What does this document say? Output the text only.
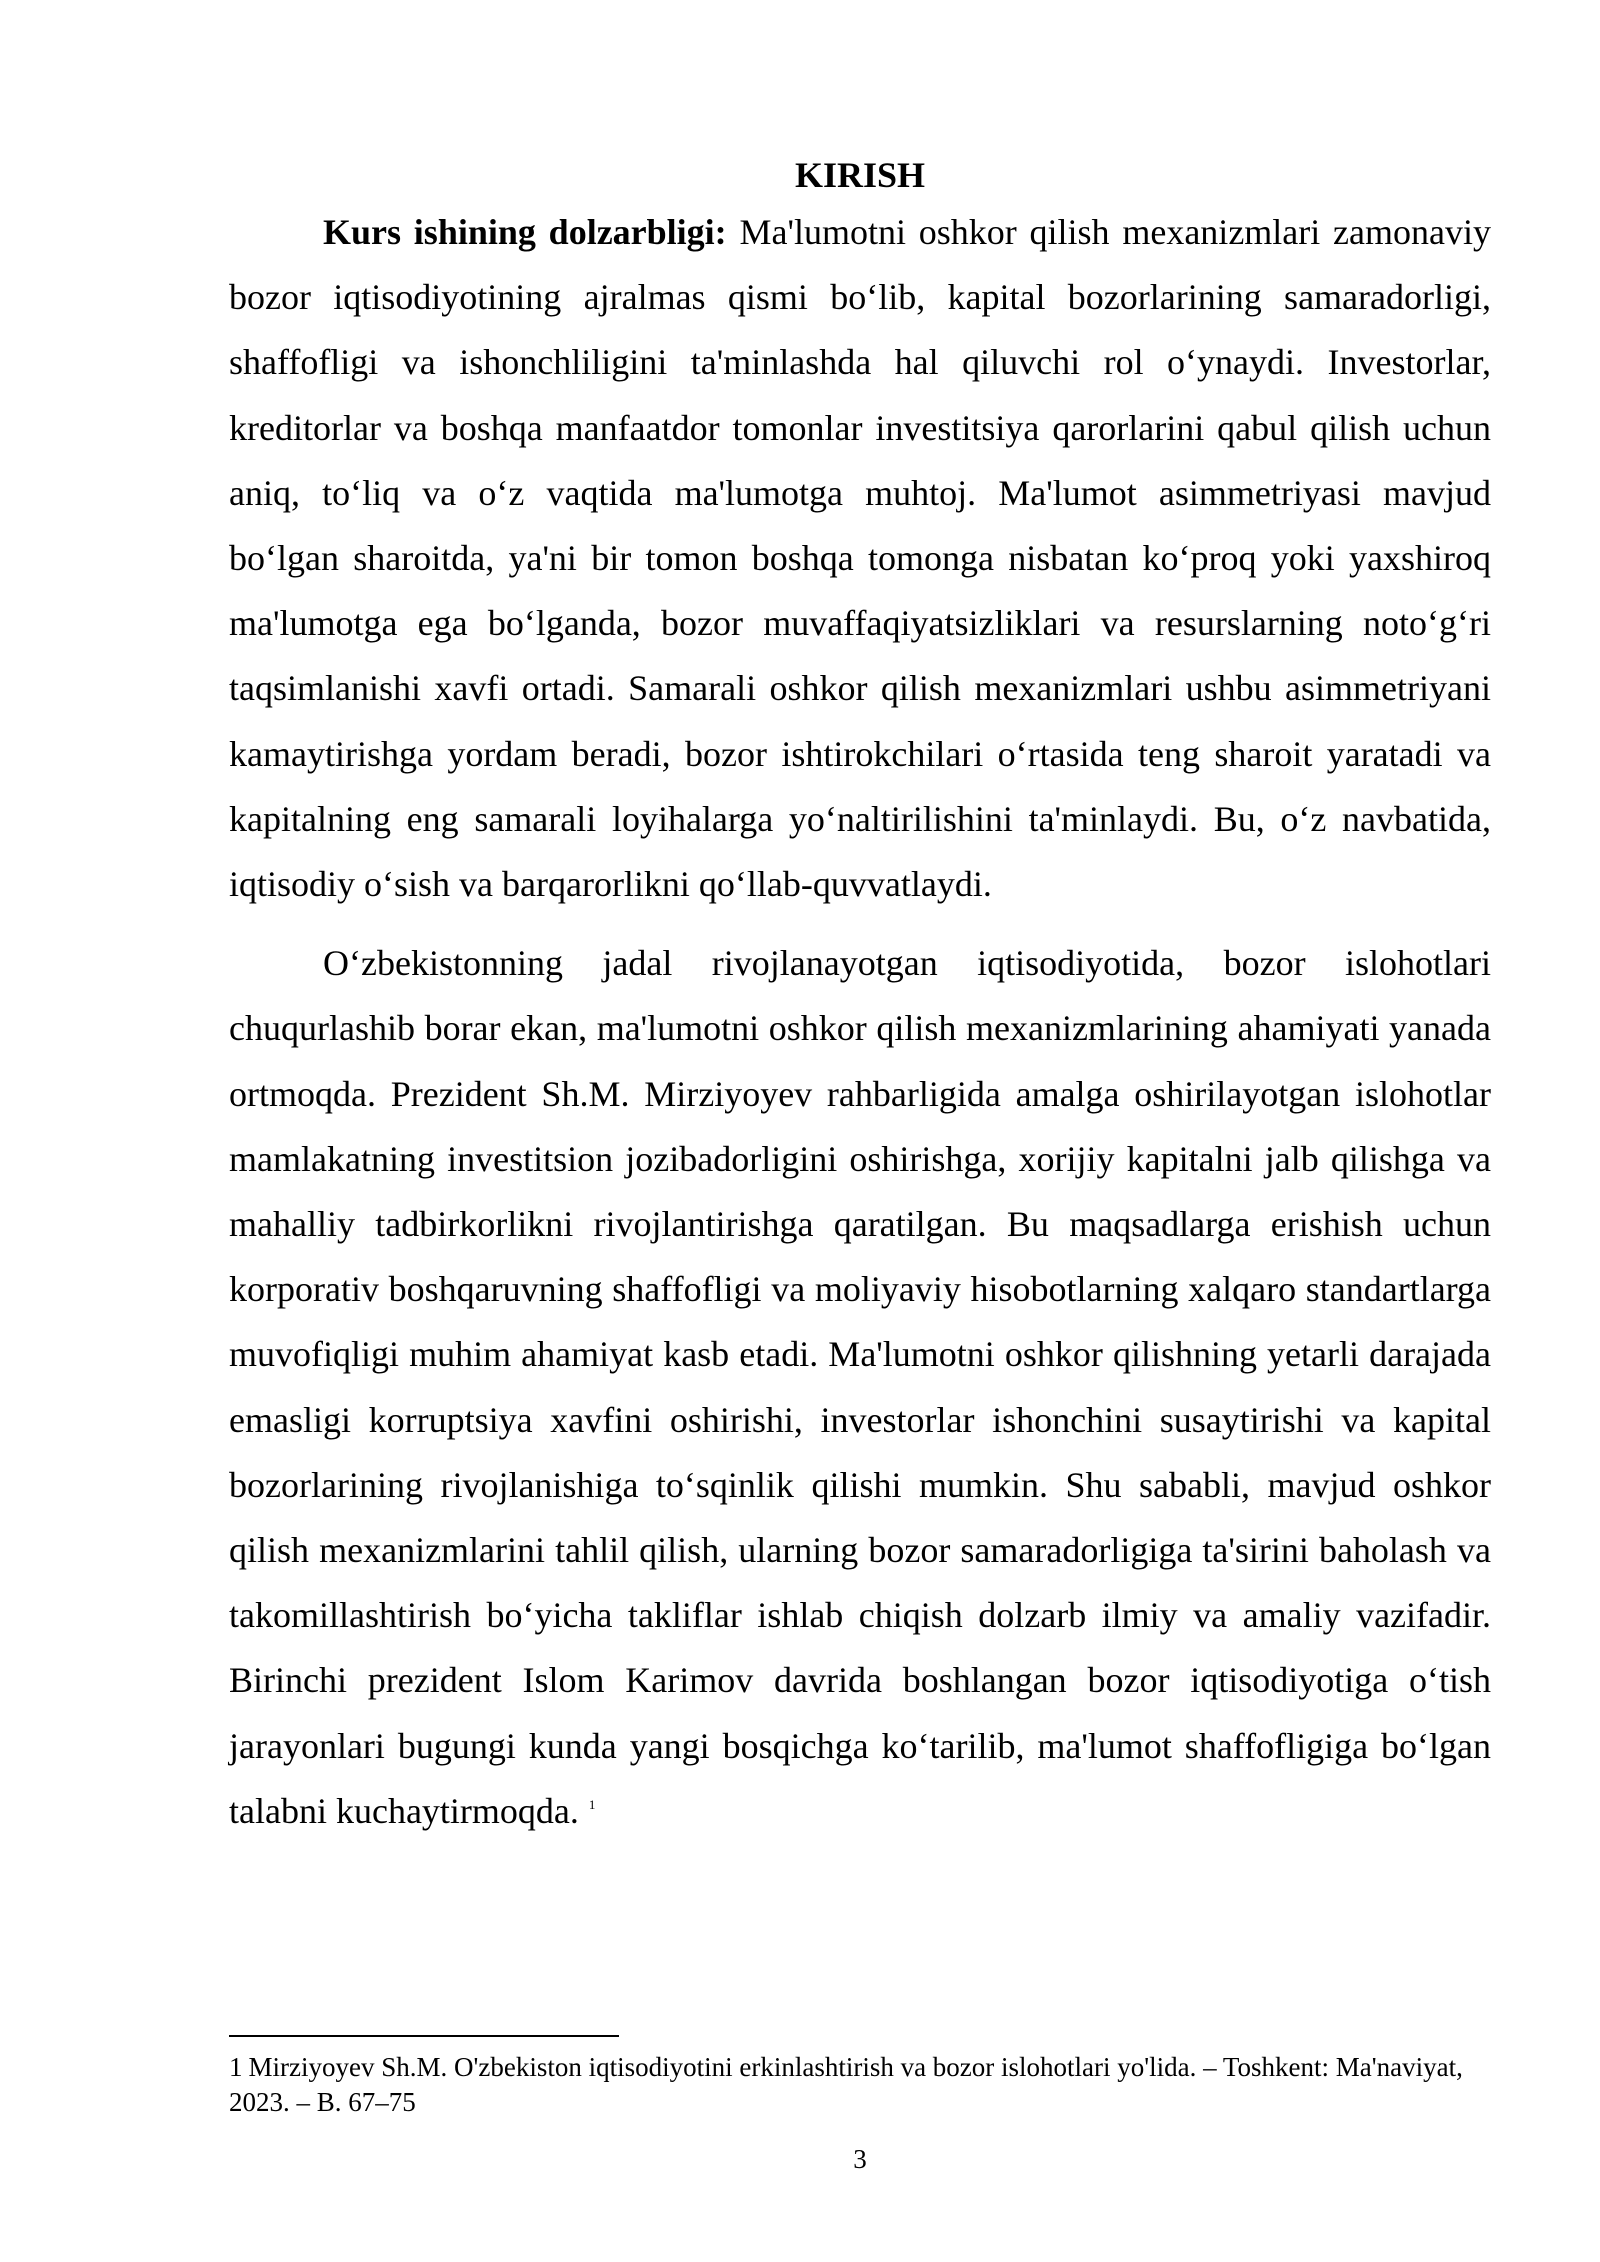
KIRISH

Kurs ishining dolzarbligi: Ma'lumotni oshkor qilish mexanizmlari zamonaviy bozor iqtisodiyotining ajralmas qismi bo‘lib, kapital bozorlarining samaradorligi, shaffofligi va ishonchliligini ta'minlashda hal qiluvchi rol o‘ynaydi. Investorlar, kreditorlar va boshqa manfaatdor tomonlar investitsiya qarorlarini qabul qilish uchun aniq, to‘liq va o‘z vaqtida ma'lumotga muhtoj. Ma'lumot asimmetriyasi mavjud bo‘lgan sharoitda, ya'ni bir tomon boshqa tomonga nisbatan ko‘proq yoki yaxshiroq ma'lumotga ega bo‘lganda, bozor muvaffaqiyatsizliklari va resurslarning noto‘g‘ri taqsimlanishi xavfi ortadi. Samarali oshkor qilish mexanizmlari ushbu asimmetriyani kamaytirishga yordam beradi, bozor ishtirokchilari o‘rtasida teng sharoit yaratadi va kapitalning eng samarali loyihalarga yo‘naltirilishini ta'minlaydi. Bu, o‘z navbatida, iqtisodiy o‘sish va barqarorlikni qo‘llab-quvvatlaydi.

O‘zbekistonning jadal rivojlanayotgan iqtisodiyotida, bozor islohotlari chuqurlashib borar ekan, ma'lumotni oshkor qilish mexanizmlarining ahamiyati yanada ortmoqda. Prezident Sh.M. Mirziyoyev rahbarligida amalga oshirilayotgan islohotlar mamlakatning investitsion jozibadorligini oshirishga, xorijiy kapitalni jalb qilishga va mahalliy tadbirkorlikni rivojlantirishga qaratilgan. Bu maqsadlarga erishish uchun korporativ boshqaruvning shaffofligi va moliyaviy hisobotlarning xalqaro standartlarga muvofiqligi muhim ahamiyat kasb etadi. Ma'lumotni oshkor qilishning yetarli darajada emasligi korruptsiya xavfini oshirishi, investorlar ishonchini susaytirishi va kapital bozorlarining rivojlanishiga to‘sqinlik qilishi mumkin. Shu sababli, mavjud oshkor qilish mexanizmlarini tahlil qilish, ularning bozor samaradorligiga ta'sirini baholash va takomillashtirish bo‘yicha takliflar ishlab chiqish dolzarb ilmiy va amaliy vazifadir. Birinchi prezident Islom Karimov davrida boshlangan bozor iqtisodiyotiga o‘tish jarayonlari bugungi kunda yangi bosqichga ko‘tarilib, ma'lumot shaffofligiga bo‘lgan talabni kuchaytirmoqda. $^1$

1 Mirziyoyev Sh.M. O'zbekiston iqtisodiyotini erkinlashtirish va bozor islohotlari yo'lida. – Toshkent: Ma'naviyat, 2023. – B. 67–75

3
